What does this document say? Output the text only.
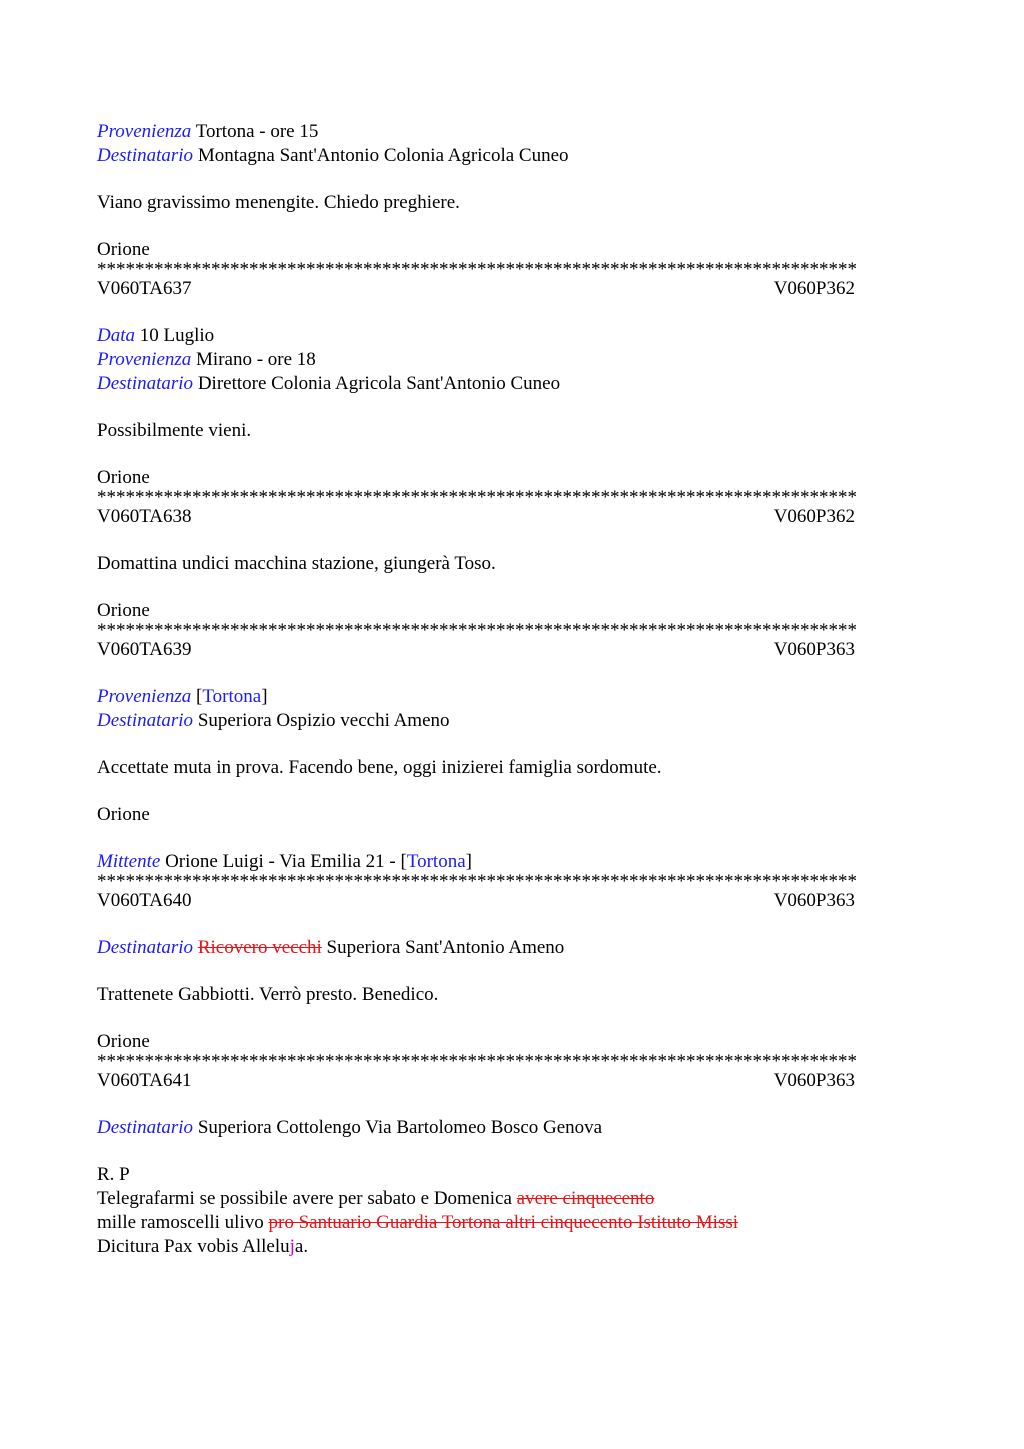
Provenienza Tortona - ore 15
Destinatario Montagna Sant'Antonio Colonia Agricola Cuneo
Viano gravissimo menengite. Chiedo preghiere.
Orione
********************************************************************************
V060TA637	V060P362
Data 10 Luglio
Provenienza Mirano - ore 18
Destinatario Direttore Colonia Agricola Sant'Antonio Cuneo
Possibilmente vieni.
Orione
********************************************************************************
V060TA638	V060P362
Domattina undici macchina stazione, giungerà Toso.
Orione
********************************************************************************
V060TA639	V060P363
Provenienza [Tortona]
Destinatario Superiora Ospizio vecchi Ameno
Accettate muta in prova. Facendo bene, oggi inizierei famiglia sordomute.
Orione
Mittente Orione Luigi - Via Emilia 21 - [Tortona]
********************************************************************************
V060TA640	V060P363
Destinatario Ricovero vecchi Superiora Sant'Antonio Ameno
Trattenete Gabbiotti. Verrò presto. Benedico.
Orione
********************************************************************************
V060TA641	V060P363
Destinatario Superiora Cottolengo Via Bartolomeo Bosco Genova
R. P
Telegrafarmi se possibile avere per sabato e Domenica avere cinquecento
mille ramoscelli ulivo pro Santuario Guardia Tortona altri cinquecento Istituto Missi
Dicitura Pax vobis Alleluja.
